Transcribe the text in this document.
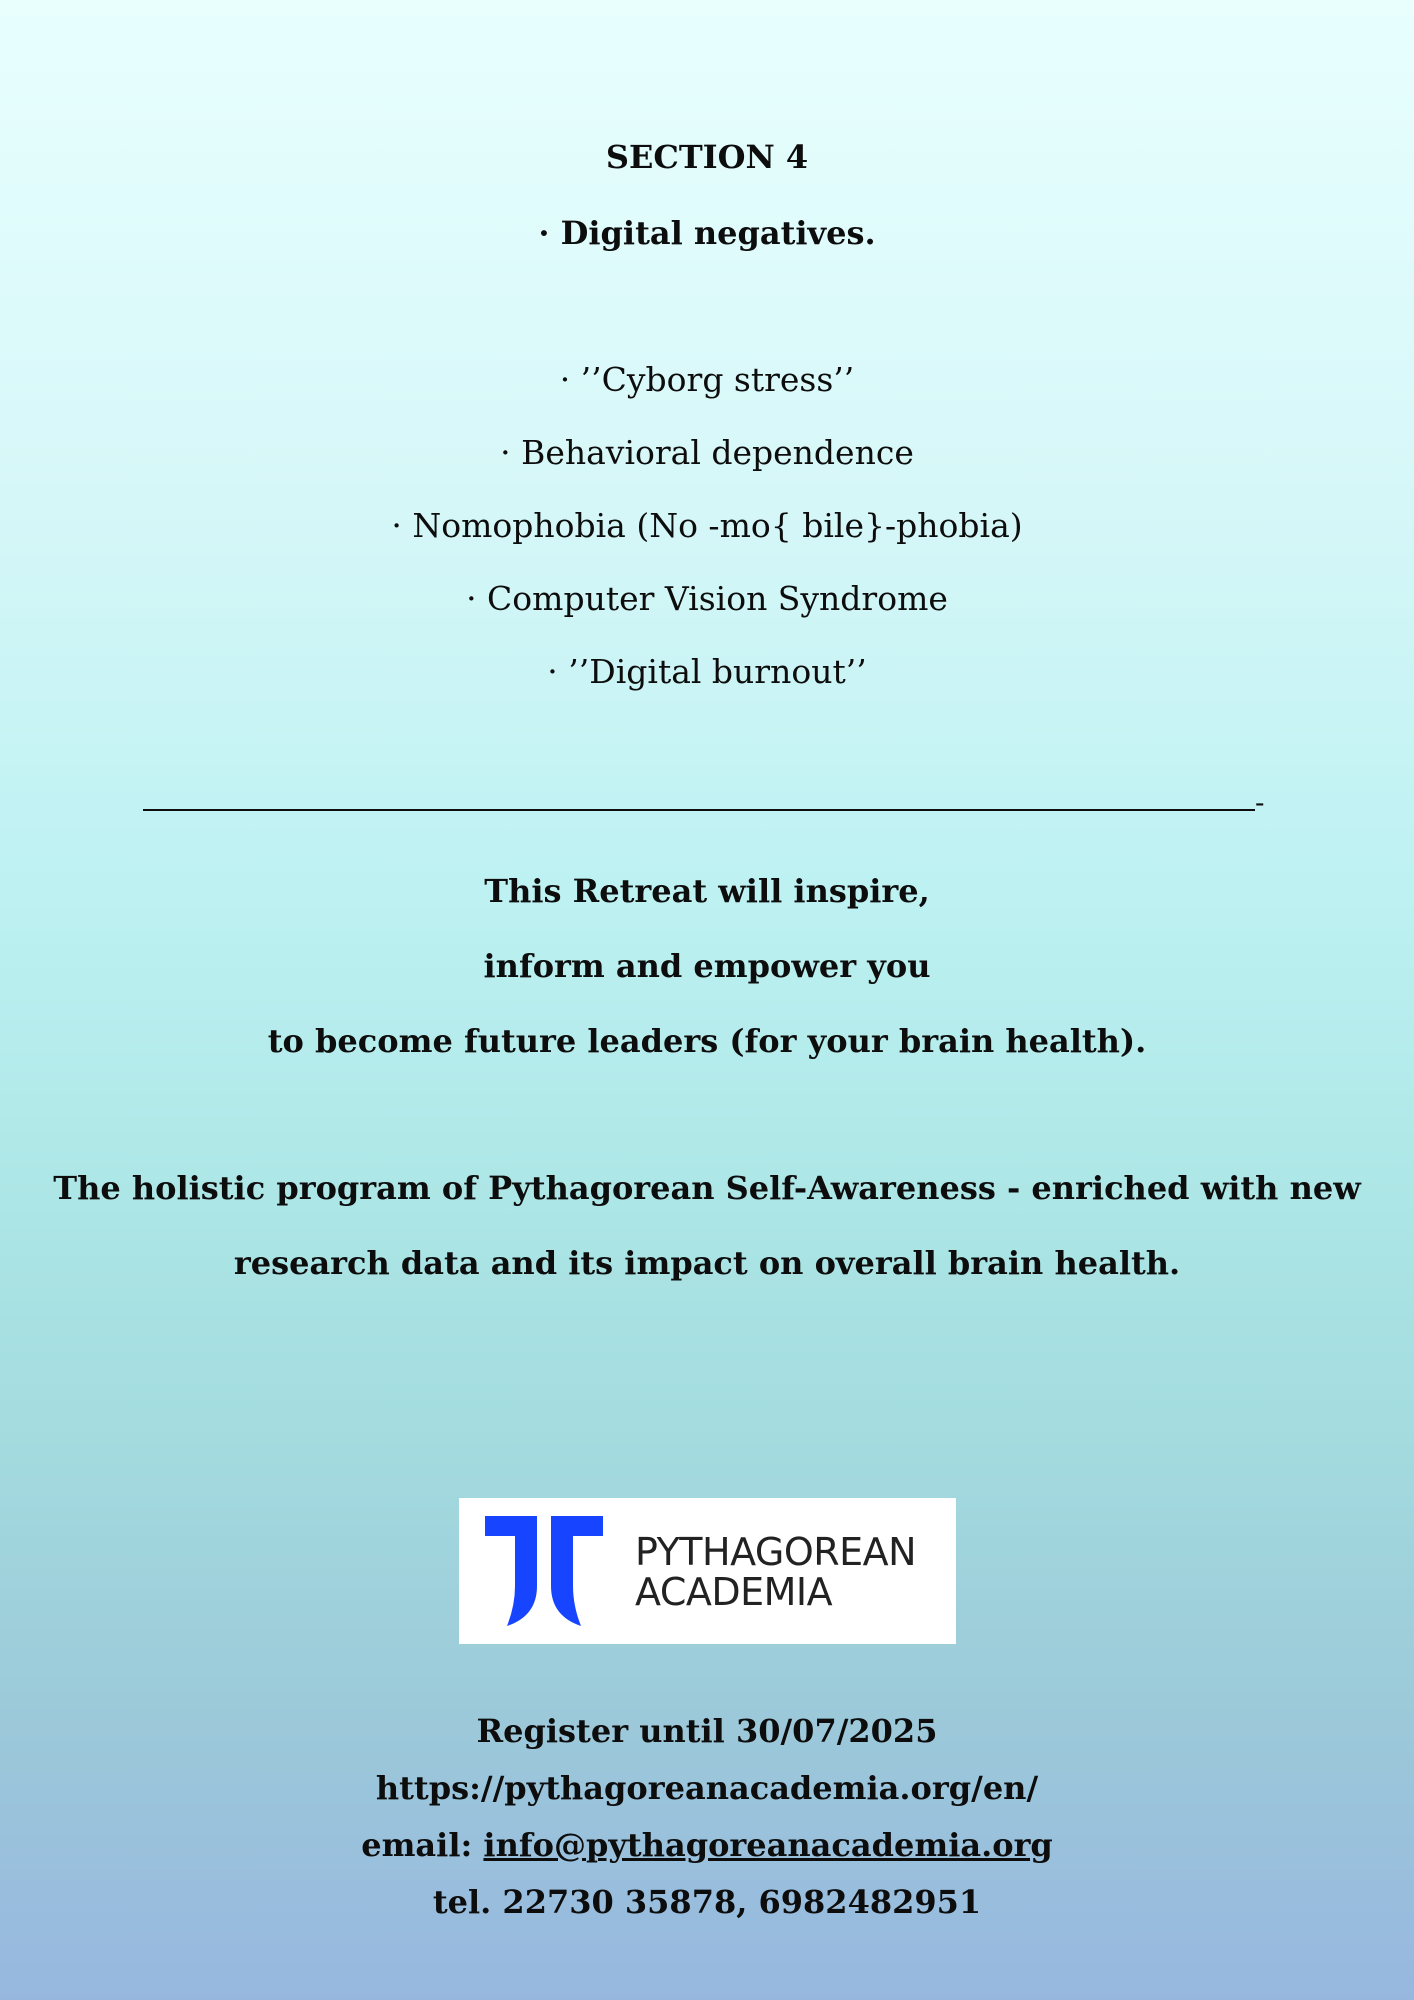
SECTION 4
· Digital negatives.
· ’’Cyborg stress’’
· Behavioral dependence
· Nomophobia (No -mo{ bile}-phobia)
· Computer Vision Syndrome
· ’’Digital burnout’’
-
This Retreat will inspire,
inform and empower you
to become future leaders (for your brain health).
The holistic program of Pythagorean Self-Awareness - enriched with new
research data and its impact on overall brain health.
PYTHAGOREAN
ACADEMIA
Register until 30/07/2025
https://pythagoreanacademia.org/en/
email: info@pythagoreanacademia.org
tel. 22730 35878, 6982482951
